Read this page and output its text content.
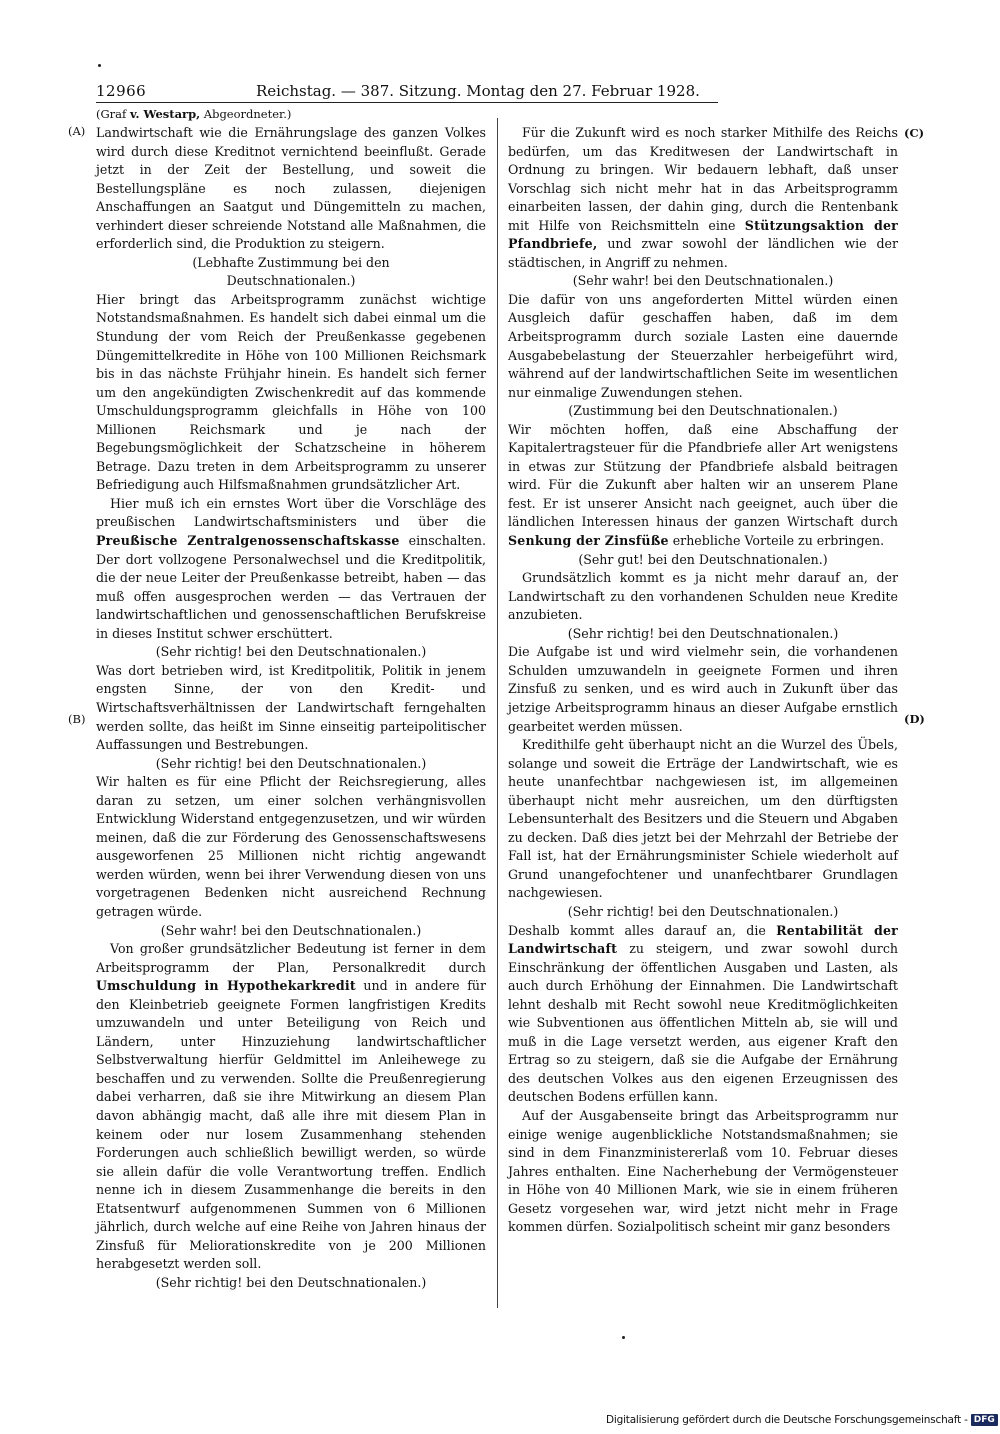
12966	Reichstag. — 387. Sitzung. Montag den 27. Februar 1928.
(Graf v. Westarp, Abgeordneter.)
(A)
(B)
(C)
(D)

Landwirtschaft wie die Ernährungslage des ganzen Volkes wird durch diese Kreditnot vernichtend beeinflußt. Gerade jetzt in der Zeit der Bestellung, und soweit die Bestellungspläne es noch zulassen, diejenigen Anschaffungen an Saatgut und Düngemitteln zu machen, verhindert dieser schreiende Notstand alle Maßnahmen, die erforderlich sind, die Produktion zu steigern.

(Lebhafte Zustimmung bei den Deutschnationalen.)

Hier bringt das Arbeitsprogramm zunächst wichtige Notstandsmaßnahmen. Es handelt sich dabei einmal um die Stundung der vom Reich der Preußenkasse gegebenen Düngemittelkredite in Höhe von 100 Millionen Reichsmark bis in das nächste Frühjahr hinein. Es handelt sich ferner um den angekündigten Zwischenkredit auf das kommende Umschuldungsprogramm gleichfalls in Höhe von 100 Millionen Reichsmark und je nach der Begebungsmöglichkeit der Schatzscheine in höherem Betrage. Dazu treten in dem Arbeitsprogramm zu unserer Befriedigung auch Hilfsmaßnahmen grundsätzlicher Art.

Hier muß ich ein ernstes Wort über die Vorschläge des preußischen Landwirtschaftsministers und über die Preußische Zentralgenossenschaftskasse einschalten. Der dort vollzogene Personalwechsel und die Kreditpolitik, die der neue Leiter der Preußenkasse betreibt, haben — das muß offen ausgesprochen werden — das Vertrauen der landwirtschaftlichen und genossenschaftlichen Berufskreise in dieses Institut schwer erschüttert.

(Sehr richtig! bei den Deutschnationalen.)

Was dort betrieben wird, ist Kreditpolitik, Politik in jenem engsten Sinne, der von den Kredit- und Wirtschaftsverhältnissen der Landwirtschaft ferngehalten werden sollte, das heißt im Sinne einseitig parteipolitischer Auffassungen und Bestrebungen.

(Sehr richtig! bei den Deutschnationalen.)

Wir halten es für eine Pflicht der Reichsregierung, alles daran zu setzen, um einer solchen verhängnisvollen Entwicklung Widerstand entgegenzusetzen, und wir würden meinen, daß die zur Förderung des Genossenschaftswesens ausgeworfenen 25 Millionen nicht richtig angewandt werden würden, wenn bei ihrer Verwendung diesen von uns vorgetragenen Bedenken nicht ausreichend Rechnung getragen würde.

(Sehr wahr! bei den Deutschnationalen.)

Von großer grundsätzlicher Bedeutung ist ferner in dem Arbeitsprogramm der Plan, Personalkredit durch Umschuldung in Hypothekarkredit und in andere für den Kleinbetrieb geeignete Formen langfristigen Kredits umzuwandeln und unter Beteiligung von Reich und Ländern, unter Hinzuziehung landwirtschaftlicher Selbstverwaltung hierfür Geldmittel im Anleihewege zu beschaffen und zu verwenden. Sollte die Preußenregierung dabei verharren, daß sie ihre Mitwirkung an diesem Plan davon abhängig macht, daß alle ihre mit diesem Plan in keinem oder nur losem Zusammenhang stehenden Forderungen auch schließlich bewilligt werden, so würde sie allein dafür die volle Verantwortung treffen. Endlich nenne ich in diesem Zusammenhange die bereits in den Etatsentwurf aufgenommenen Summen von 6 Millionen jährlich, durch welche auf eine Reihe von Jahren hinaus der Zinsfuß für Meliorationskredite von je 200 Millionen herabgesetzt werden soll.

(Sehr richtig! bei den Deutschnationalen.)

Für die Zukunft wird es noch starker Mithilfe des Reichs bedürfen, um das Kreditwesen der Landwirtschaft in Ordnung zu bringen. Wir bedauern lebhaft, daß unser Vorschlag sich nicht mehr hat in das Arbeitsprogramm einarbeiten lassen, der dahin ging, durch die Rentenbank mit Hilfe von Reichsmitteln eine Stützungsaktion der Pfandbriefe, und zwar sowohl der ländlichen wie der städtischen, in Angriff zu nehmen.

(Sehr wahr! bei den Deutschnationalen.)

Die dafür von uns angeforderten Mittel würden einen Ausgleich dafür geschaffen haben, daß im dem Arbeitsprogramm durch soziale Lasten eine dauernde Ausgabebelastung der Steuerzahler herbeigeführt wird, während auf der landwirtschaftlichen Seite im wesentlichen nur einmalige Zuwendungen stehen.

(Zustimmung bei den Deutschnationalen.)

Wir möchten hoffen, daß eine Abschaffung der Kapitalertragsteuer für die Pfandbriefe aller Art wenigstens in etwas zur Stützung der Pfandbriefe alsbald beitragen wird. Für die Zukunft aber halten wir an unserem Plane fest. Er ist unserer Ansicht nach geeignet, auch über die ländlichen Interessen hinaus der ganzen Wirtschaft durch Senkung der Zinsfüße erhebliche Vorteile zu erbringen.

(Sehr gut! bei den Deutschnationalen.)

Grundsätzlich kommt es ja nicht mehr darauf an, der Landwirtschaft zu den vorhandenen Schulden neue Kredite anzubieten.

(Sehr richtig! bei den Deutschnationalen.)

Die Aufgabe ist und wird vielmehr sein, die vorhandenen Schulden umzuwandeln in geeignete Formen und ihren Zinsfuß zu senken, und es wird auch in Zukunft über das jetzige Arbeitsprogramm hinaus an dieser Aufgabe ernstlich gearbeitet werden müssen.

Kredithilfe geht überhaupt nicht an die Wurzel des Übels, solange und soweit die Erträge der Landwirtschaft, wie es heute unanfechtbar nachgewiesen ist, im allgemeinen überhaupt nicht mehr ausreichen, um den dürftigsten Lebensunterhalt des Besitzers und die Steuern und Abgaben zu decken. Daß dies jetzt bei der Mehrzahl der Betriebe der Fall ist, hat der Ernährungsminister Schiele wiederholt auf Grund unangefochtener und unanfechtbarer Grundlagen nachgewiesen.

(Sehr richtig! bei den Deutschnationalen.)

Deshalb kommt alles darauf an, die Rentabilität der Landwirtschaft zu steigern, und zwar sowohl durch Einschränkung der öffentlichen Ausgaben und Lasten, als auch durch Erhöhung der Einnahmen. Die Landwirtschaft lehnt deshalb mit Recht sowohl neue Kreditmöglichkeiten wie Subventionen aus öffentlichen Mitteln ab, sie will und muß in die Lage versetzt werden, aus eigener Kraft den Ertrag so zu steigern, daß sie die Aufgabe der Ernährung des deutschen Volkes aus den eigenen Erzeugnissen des deutschen Bodens erfüllen kann.

Auf der Ausgabenseite bringt das Arbeitsprogramm nur einige wenige augenblickliche Notstandsmaßnahmen; sie sind in dem Finanzministererlaß vom 10. Februar dieses Jahres enthalten. Eine Nacherhebung der Vermögensteuer in Höhe von 40 Millionen Mark, wie sie in einem früheren Gesetz vorgesehen war, wird jetzt nicht mehr in Frage kommen dürfen. Sozialpolitisch scheint mir ganz besonders

Digitalisierung gefördert durch die Deutsche Forschungsgemeinschaft - DFG
